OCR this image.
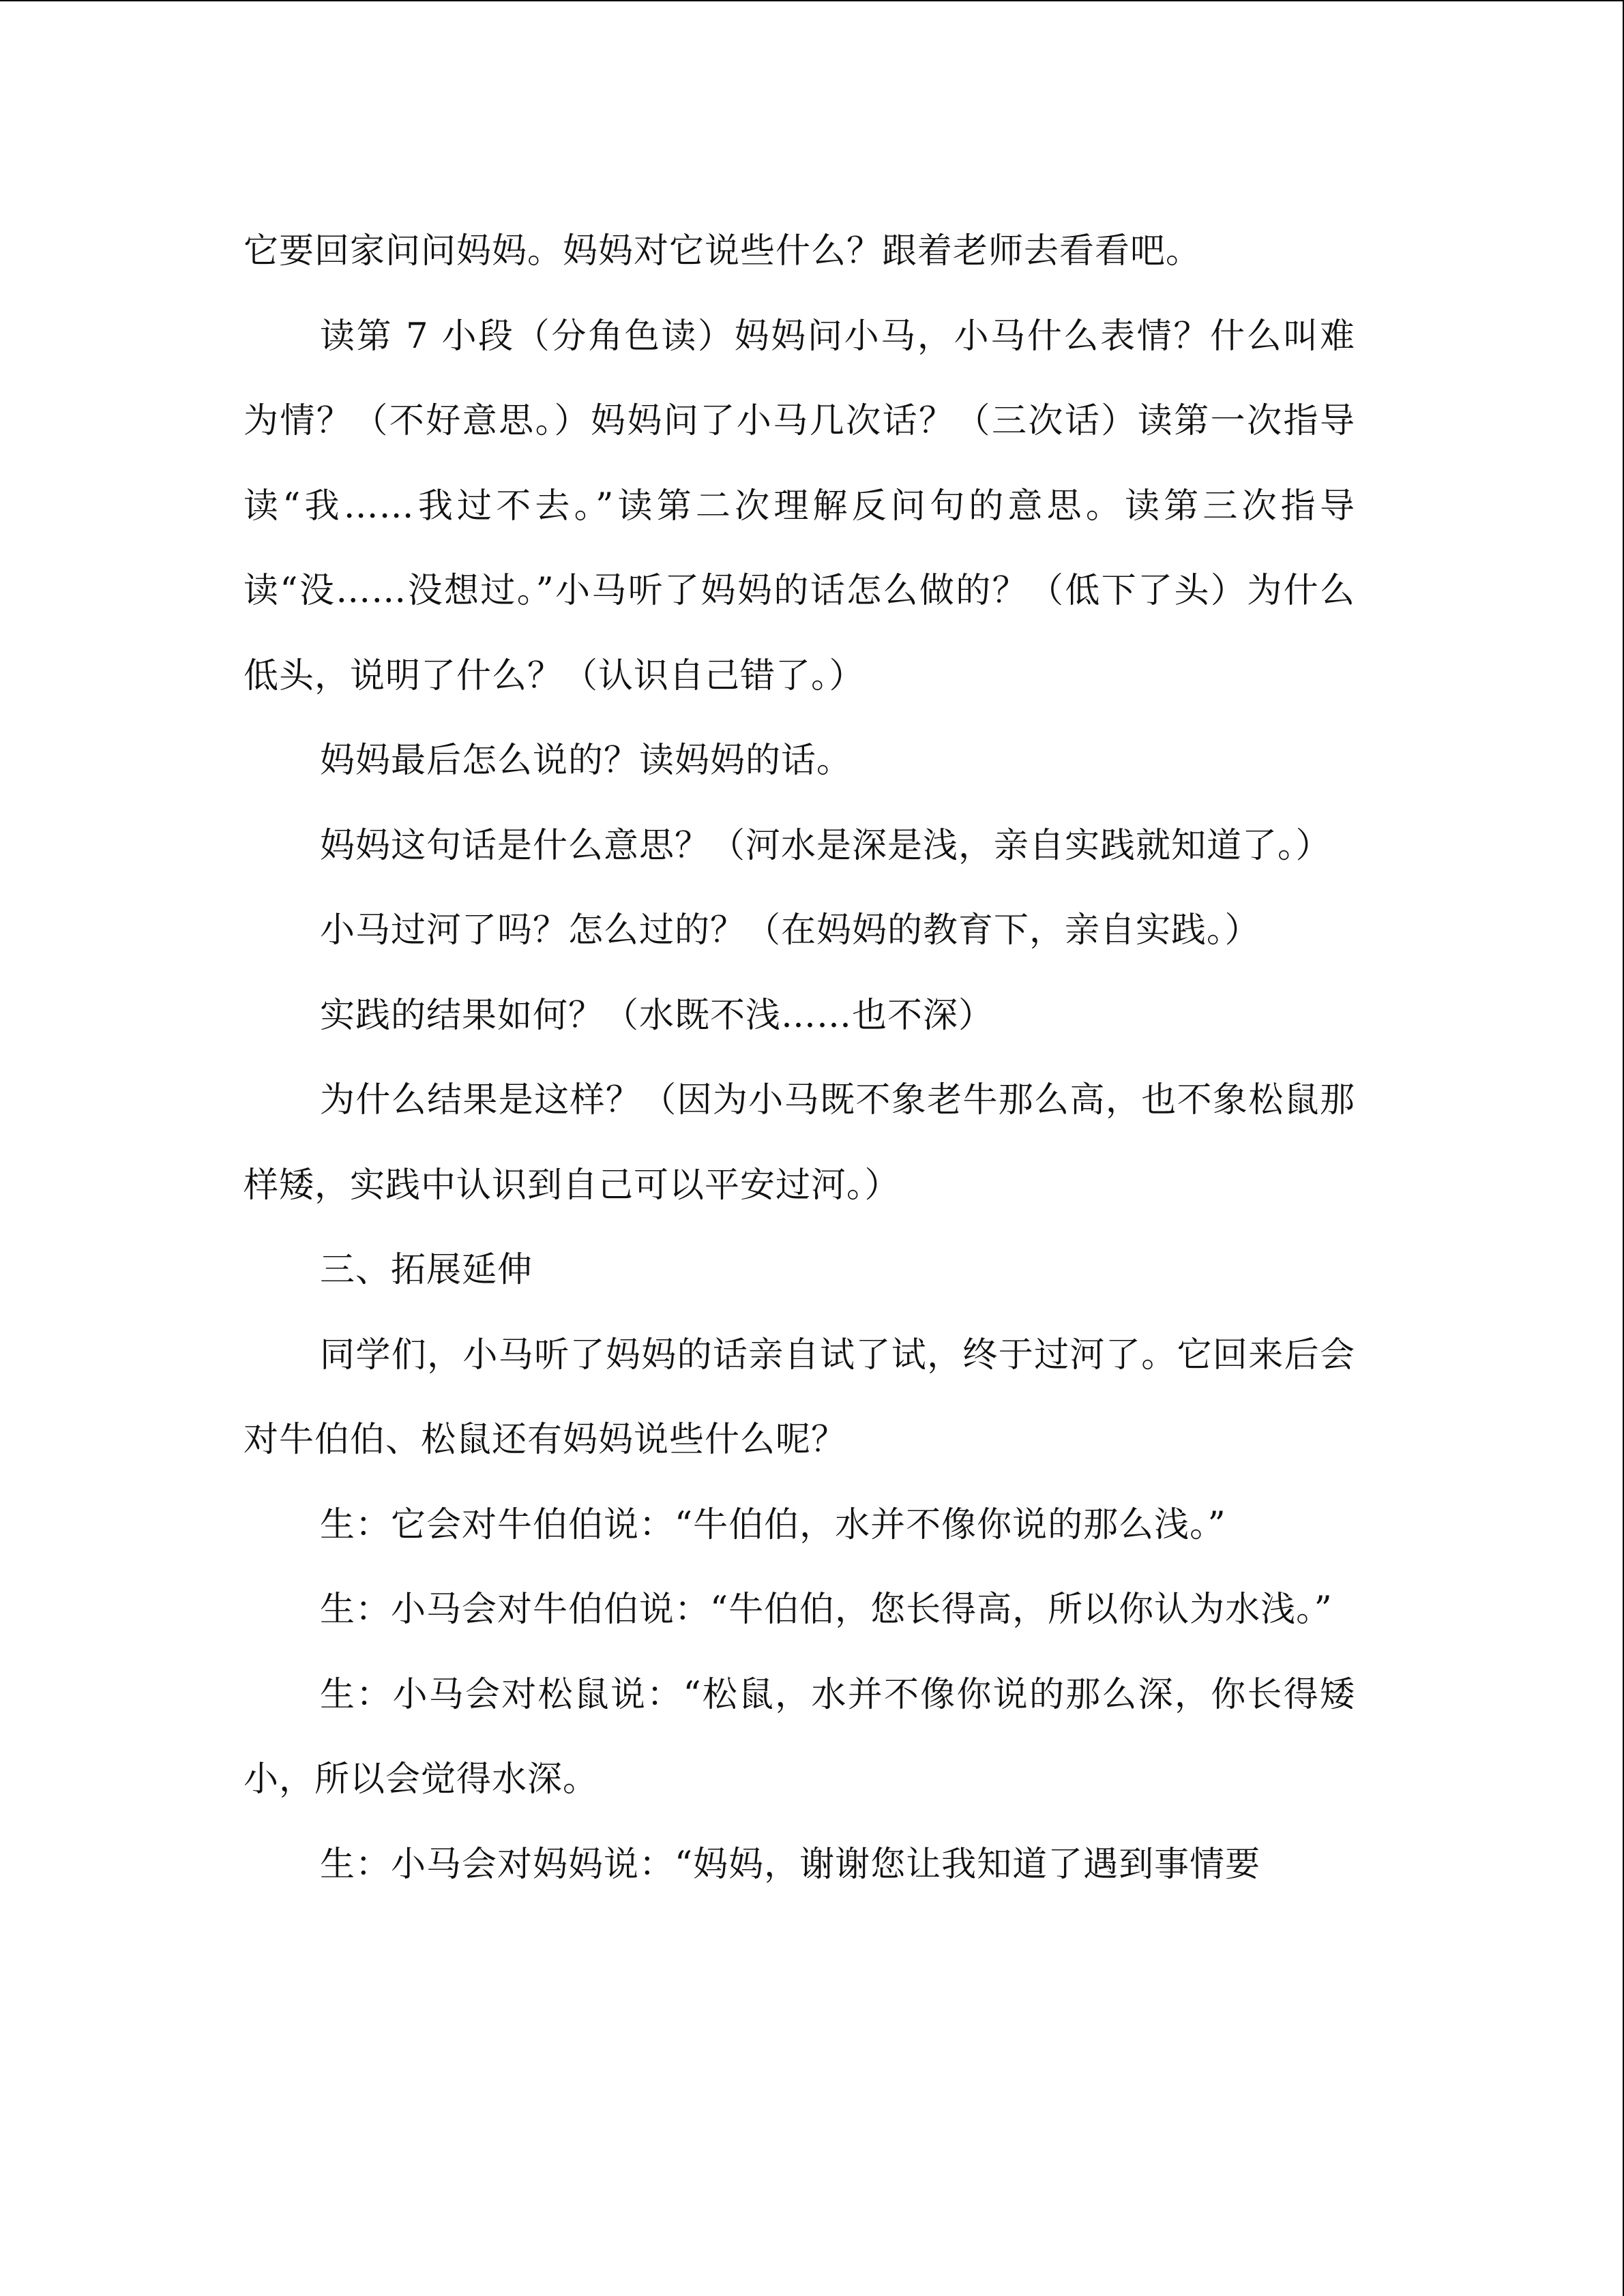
它要回家问问妈妈。妈妈对它说些什么？跟着老师去看看吧。

读第 7 小段（分角色读）妈妈问小马，小马什么表情？什么叫难为情？（不好意思。）妈妈问了小马几次话？（三次话）读第一次指导读“我……我过不去。”读第二次理解反问句的意思。读第三次指导读“没……没想过。”小马听了妈妈的话怎么做的？（低下了头）为什么低头，说明了什么？（认识自己错了。）

妈妈最后怎么说的？读妈妈的话。

妈妈这句话是什么意思？（河水是深是浅，亲自实践就知道了。）

小马过河了吗？怎么过的？（在妈妈的教育下，亲自实践。）

实践的结果如何？（水既不浅……也不深）

为什么结果是这样？（因为小马既不象老牛那么高，也不象松鼠那样矮，实践中认识到自己可以平安过河。）

三、拓展延伸

同学们，小马听了妈妈的话亲自试了试，终于过河了。它回来后会对牛伯伯、松鼠还有妈妈说些什么呢？

生：它会对牛伯伯说：“牛伯伯，水并不像你说的那么浅。”

生：小马会对牛伯伯说：“牛伯伯，您长得高，所以你认为水浅。”

生：小马会对松鼠说：“松鼠，水并不像你说的那么深，你长得矮小，所以会觉得水深。

生：小马会对妈妈说：“妈妈，谢谢您让我知道了遇到事情要
